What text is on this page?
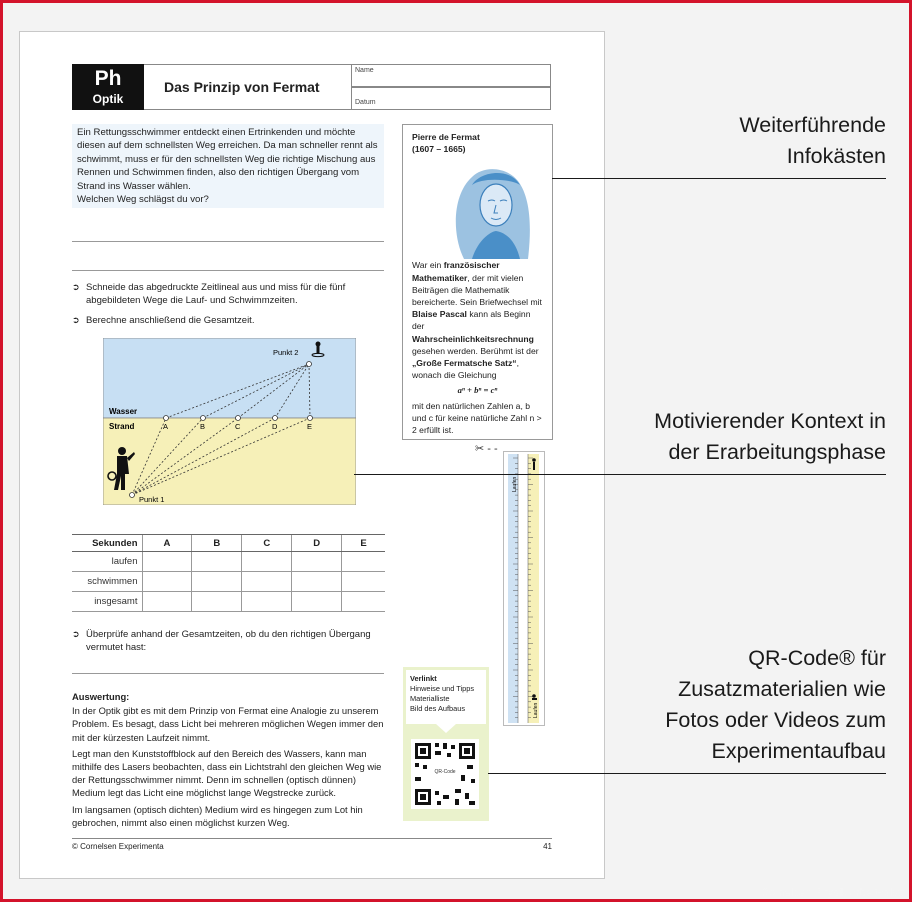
Ph
Optik
Das Prinzip von Fermat
Name
Datum
Ein Rettungsschwimmer entdeckt einen Ertrinkenden und möchte diesen auf dem schnellsten Weg erreichen. Da man schneller rennt als schwimmt, muss er für den schnellsten Weg die richtige Mischung aus Rennen und Schwimmen finden, also den richtigen Übergang vom Strand ins Wasser wählen.
Welchen Weg schlägst du vor?
➲ Schneide das abgedruckte Zeitlineal aus und miss für die fünf abgebildeten Wege die Lauf- und Schwimmzeiten.
➲ Berechne anschließend die Gesamtzeit.
Punkt 2
Punkt 1
Wasser
Strand	A	B	C	D	E
Sekunden	A	B	C	D	E
laufen					
schwimmen					
insgesamt					
➲ Überprüfe anhand der Gesamtzeiten, ob du den richtigen Übergang vermutet hast:

Auswertung:

In der Optik gibt es mit dem Prinzip von Fermat eine Analogie zu unserem Problem. Es besagt, dass Licht bei mehreren möglichen Wegen immer den mit der kürzesten Laufzeit nimmt.

Legt man den Kunststoffblock auf den Bereich des Wassers, kann man mithilfe des Lasers beobachten, dass ein Lichtstrahl den gleichen Weg wie der Rettungsschwimmer nimmt. Denn im schnellen (optisch dünnen) Medium legt das Licht eine möglichst lange Wegstrecke zurück.

Im langsamen (optisch dichten) Medium wird es hingegen zum Lot hin gebrochen, nimmt also einen möglichst kurzen Weg.

© Cornelsen Experimenta	41
Pierre de Fermat
(1607 – 1665)
War ein französischer Mathematiker, der mit vielen Beiträgen die Mathematik bereicherte. Sein Briefwechsel mit Blaise Pascal kann als Beginn der Wahrscheinlichkeitsrechnung gesehen werden. Berühmt ist der „Große Fermatsche Satz“, wonach die Gleichung
aⁿ + bⁿ = cⁿ
mit den natürlichen Zahlen a, b und c für keine natürliche Zahl n > 2 erfüllt ist.
✂ - -
Laufen
Laufen
Verlinkt
Hinweise und Tipps
Materialliste
Bild des Aufbaus
QR-Code
Weiterführende
Infokästen
Motivierender Kontext in
der Erarbeitungsphase
QR-Code® für
Zusatzmaterialien wie
Fotos oder Videos zum
Experimentaufbau
Cornelsen Physik Arbeitsblatt
